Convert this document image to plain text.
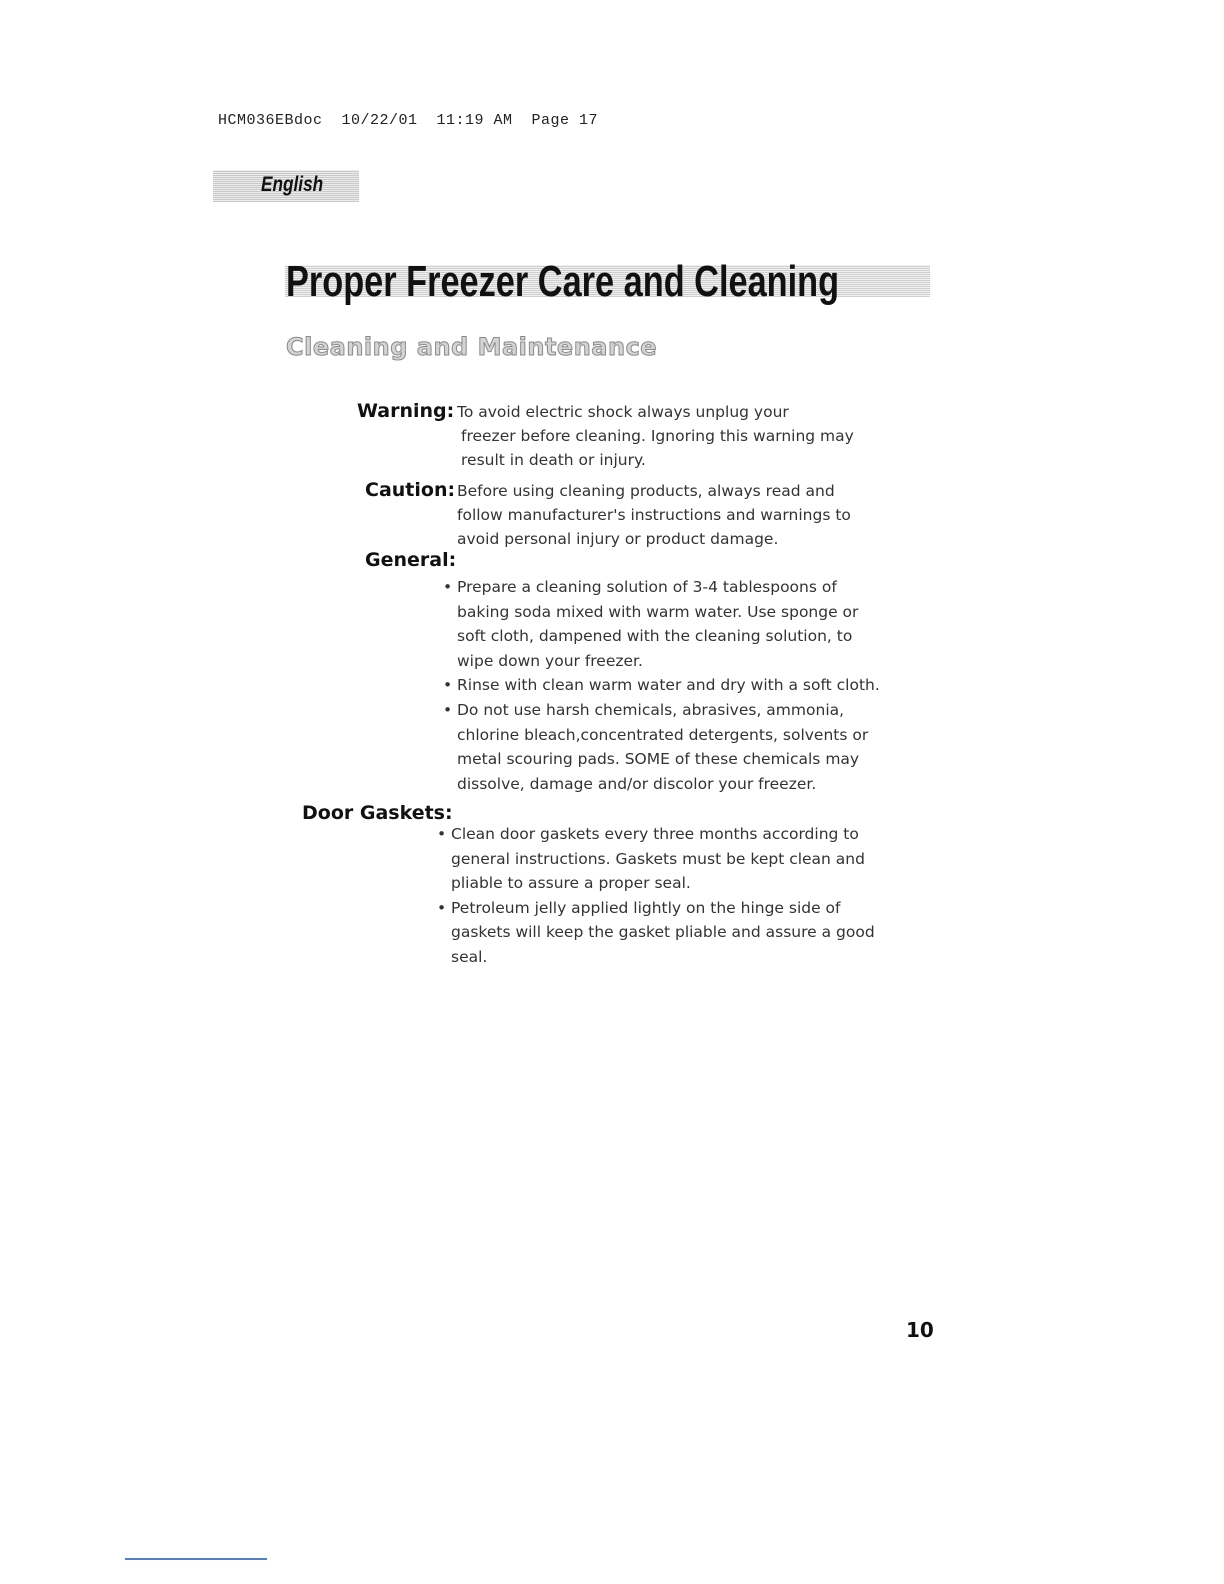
HCM036EBdoc  10/22/01  11:19 AM  Page 17
English
Proper Freezer Care and Cleaning
Cleaning and Maintenance
Warning: To avoid electric shock always unplug your

freezer before cleaning. Ignoring this warning may

result in death or injury.

Caution: Before using cleaning products, always read and

follow manufacturer's instructions and warnings to

avoid personal injury or product damage.

General:
• Prepare a cleaning solution of 3-4 tablespoons of baking soda mixed with warm water. Use sponge or soft cloth, dampened with the cleaning solution, to wipe down your freezer.
• Rinse with clean warm water and dry with a soft cloth.
• Do not use harsh chemicals, abrasives, ammonia, chlorine bleach,concentrated detergents, solvents or metal scouring pads. SOME of these chemicals may dissolve, damage and/or discolor your freezer.
Door Gaskets:
• Clean door gaskets every three months according to general instructions. Gaskets must be kept clean and pliable to assure a proper seal.
• Petroleum jelly applied lightly on the hinge side of gaskets will keep the gasket pliable and assure a good seal.
10
